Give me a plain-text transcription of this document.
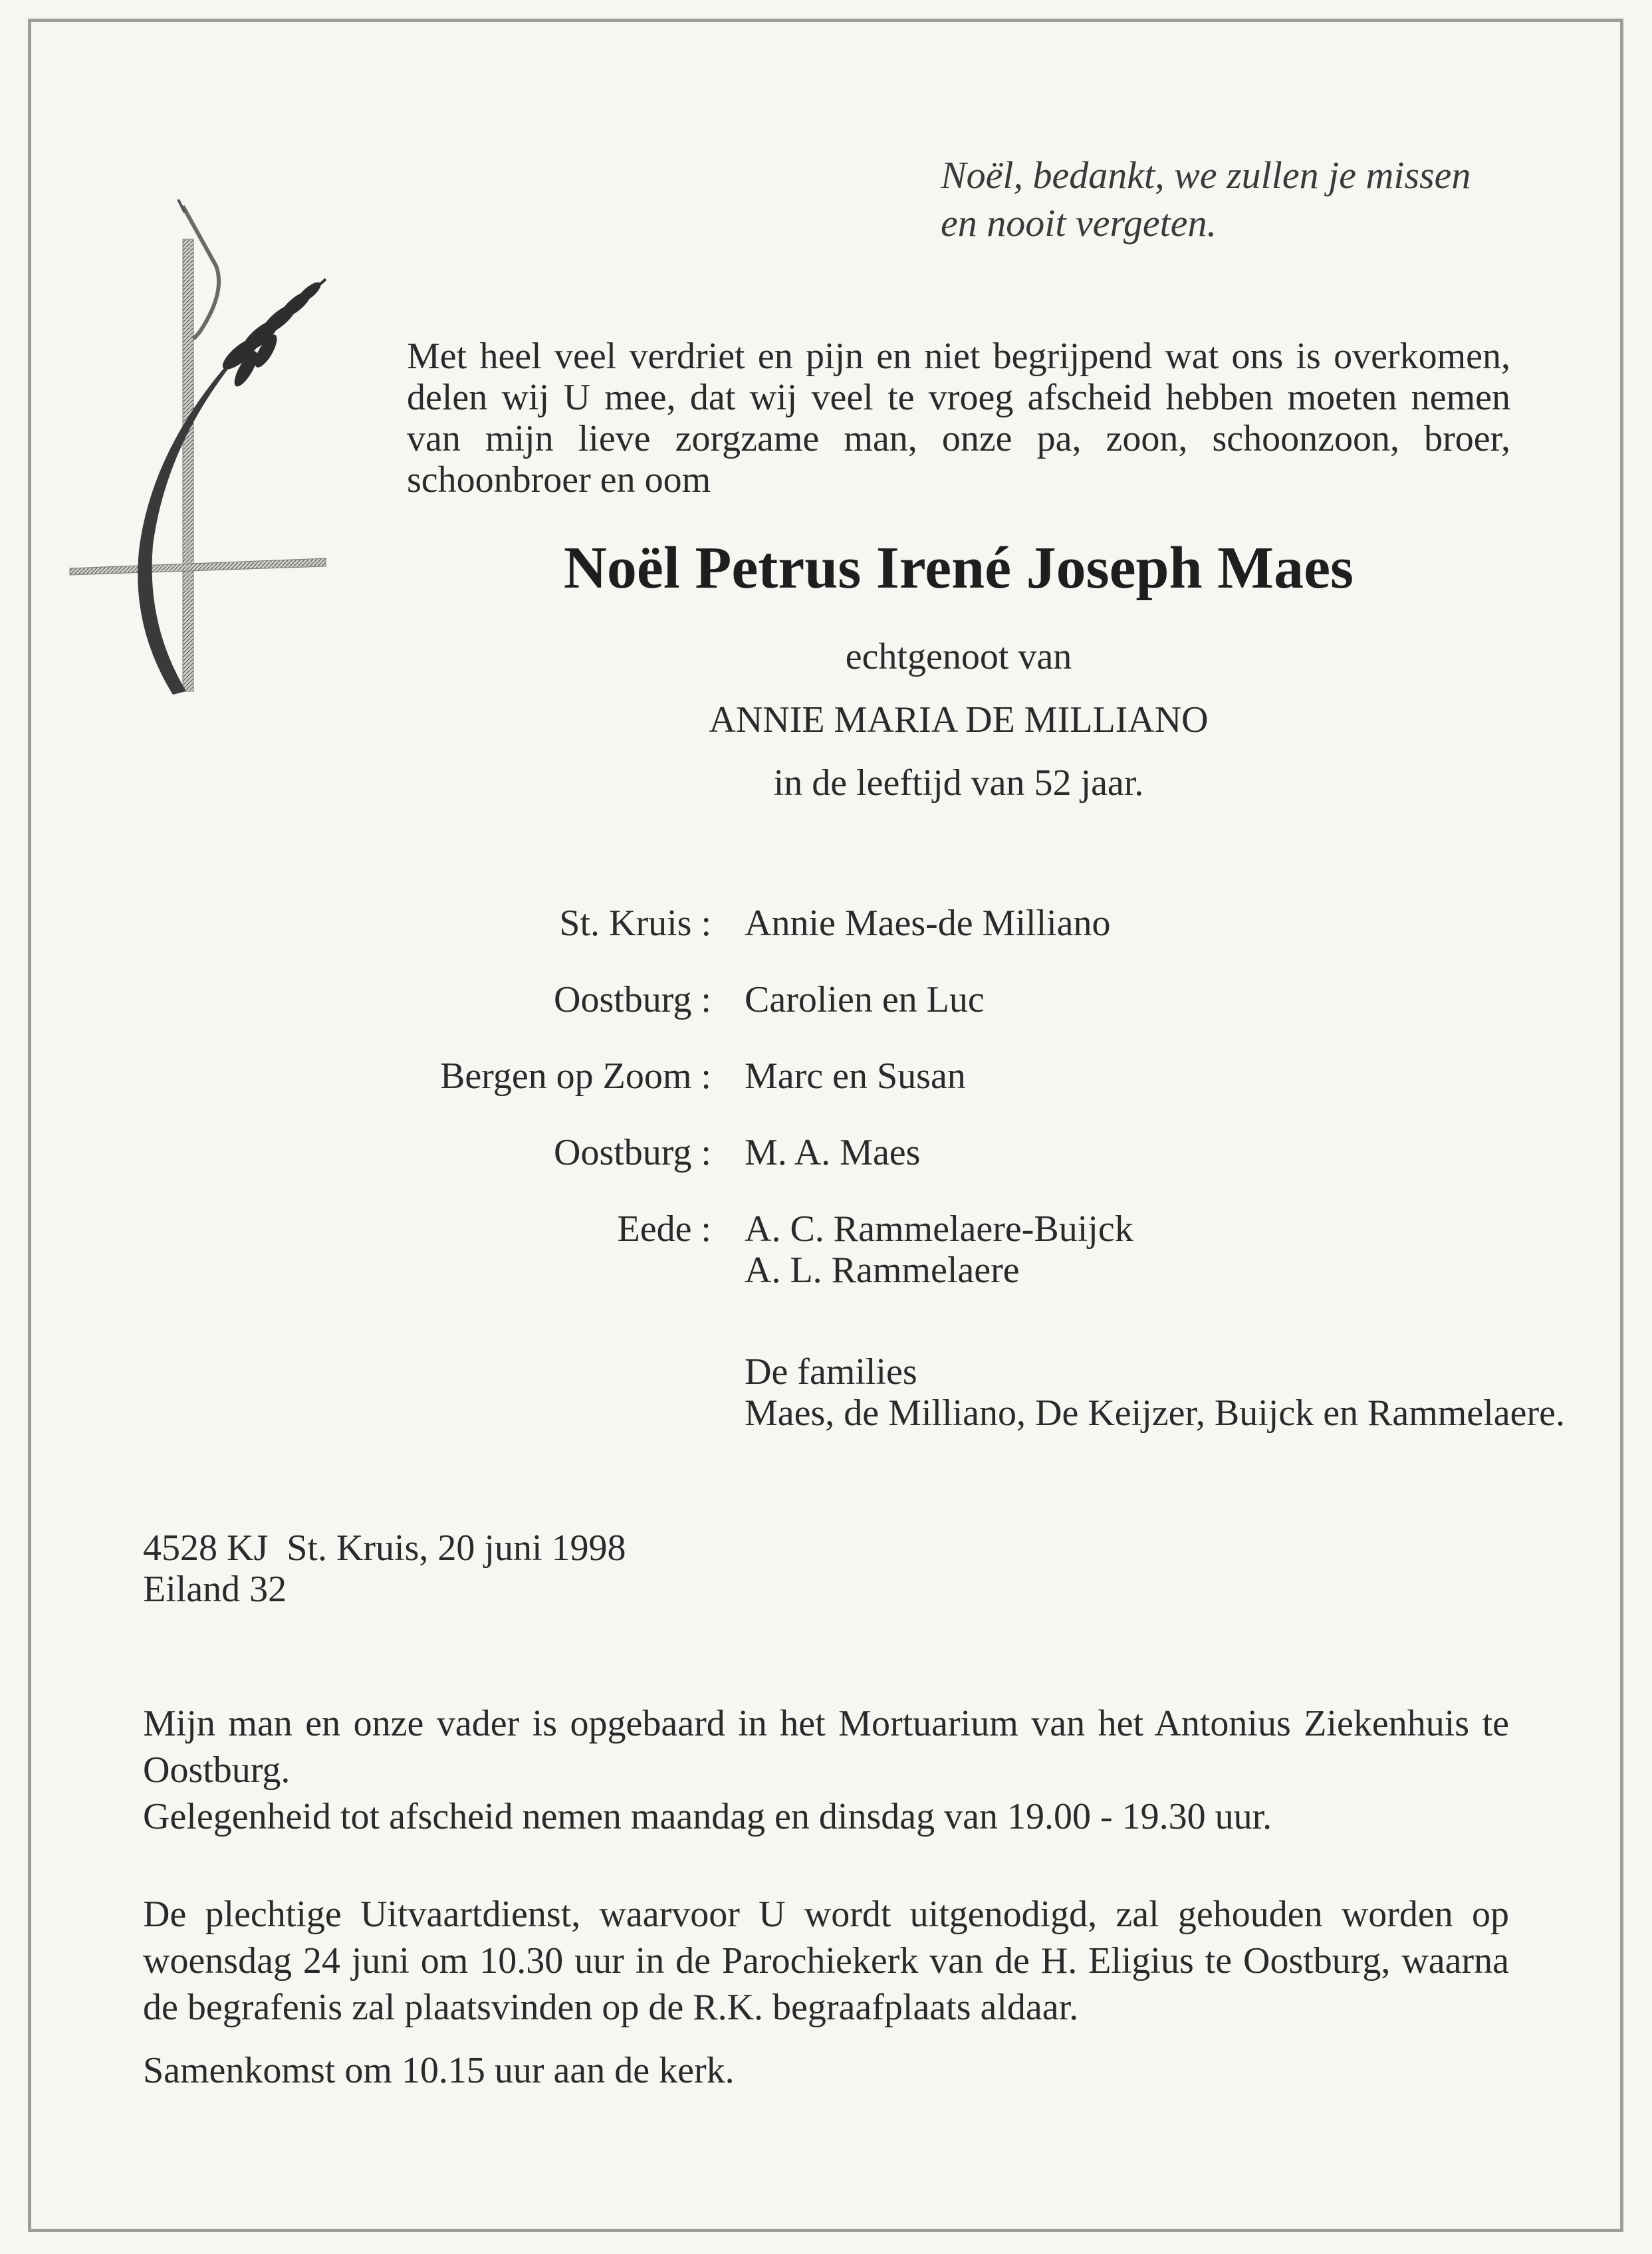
Noël, bedankt, we zullen je missen
en nooit vergeten.
Met heel veel verdriet en pijn en niet begrijpend wat ons is overkomen, delen wij U mee, dat wij veel te vroeg afscheid hebben moeten nemen van mijn lieve zorgzame man, onze pa, zoon, schoonzoon, broer, schoonbroer en oom
Noël Petrus Irené Joseph Maes
echtgenoot van
ANNIE MARIA DE MILLIANO
in de leeftijd van 52 jaar.
St. Kruis : Annie Maes-de Milliano
Oostburg : Carolien en Luc
Bergen op Zoom : Marc en Susan
Oostburg : M. A. Maes
Eede : A. C. Rammelaere-Buijck
A. L. Rammelaere
De families
Maes, de Milliano, De Keijzer, Buijck en Rammelaere.
4528 KJ  St. Kruis, 20 juni 1998
Eiland 32

Mijn man en onze vader is opgebaard in het Mortuarium van het Antonius Ziekenhuis te Oostburg.

Gelegenheid tot afscheid nemen maandag en dinsdag van 19.00 - 19.30 uur.

De plechtige Uitvaartdienst, waarvoor U wordt uitgenodigd, zal gehouden worden op woensdag 24 juni om 10.30 uur in de Parochiekerk van de H. Eligius te Oostburg, waarna de begrafenis zal plaatsvinden op de R.K. begraafplaats aldaar.

Samenkomst om 10.15 uur aan de kerk.
